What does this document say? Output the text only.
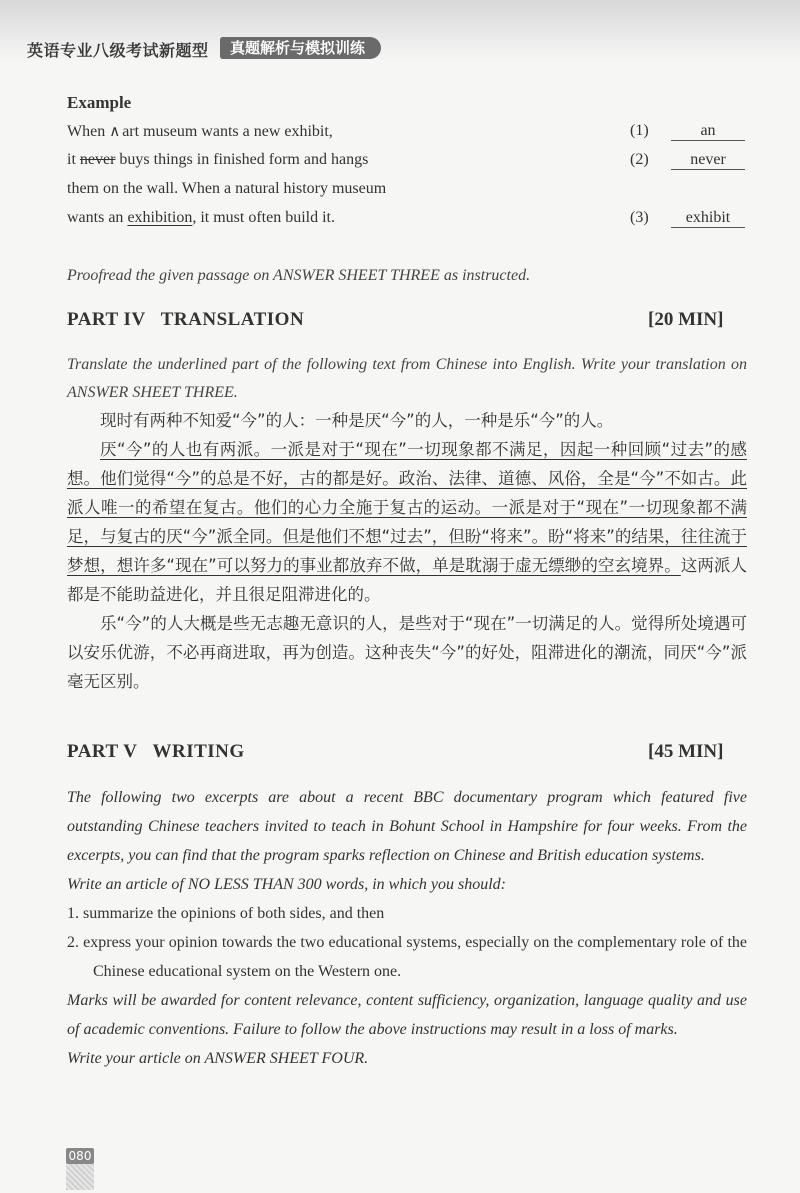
英语专业八级考试新题型	真题解析与模拟训练
Example
When ∧ art museum wants a new exhibit,	(1)	an
it never buys things in finished form and hangs	(2)	never
them on the wall. When a natural history museum
wants an exhibition, it must often build it.	(3)	exhibit
Proofread the given passage on ANSWER SHEET THREE as instructed.
PART IV   TRANSLATION	[20 MIN]
Translate the underlined part of the following text from Chinese into English. Write your translation on ANSWER SHEET THREE.

现时有两种不知爱“今”的人：一种是厌“今”的人，一种是乐“今”的人。

厌“今”的人也有两派。一派是对于“现在”一切现象都不满足，因起一种回顾“过去”的感想。他们觉得“今”的总是不好，古的都是好。政治、法律、道德、风俗，全是“今”不如古。此派人唯一的希望在复古。他们的心力全施于复古的运动。一派是对于“现在”一切现象都不满足，与复古的厌“今”派全同。但是他们不想“过去”，但盼“将来”。盼“将来”的结果，往往流于梦想，想许多“现在”可以努力的事业都放弃不做，单是耽溺于虚无缥缈的空玄境界。这两派人都是不能助益进化，并且很足阻滞进化的。

乐“今”的人大概是些无志趣无意识的人，是些对于“现在”一切满足的人。觉得所处境遇可以安乐优游，不必再商进取，再为创造。这种丧失“今”的好处，阻滞进化的潮流，同厌“今”派毫无区别。

PART V   WRITING	[45 MIN]
The following two excerpts are about a recent BBC documentary program which featured five outstanding Chinese teachers invited to teach in Bohunt School in Hampshire for four weeks. From the excerpts, you can find that the program sparks reflection on Chinese and British education systems.
Write an article of NO LESS THAN 300 words, in which you should:
1. summarize the opinions of both sides, and then
2. express your opinion towards the two educational systems, especially on the complementary role of the Chinese educational system on the Western one.
Marks will be awarded for content relevance, content sufficiency, organization, language quality and use of academic conventions. Failure to follow the above instructions may result in a loss of marks.
Write your article on ANSWER SHEET FOUR.
080
